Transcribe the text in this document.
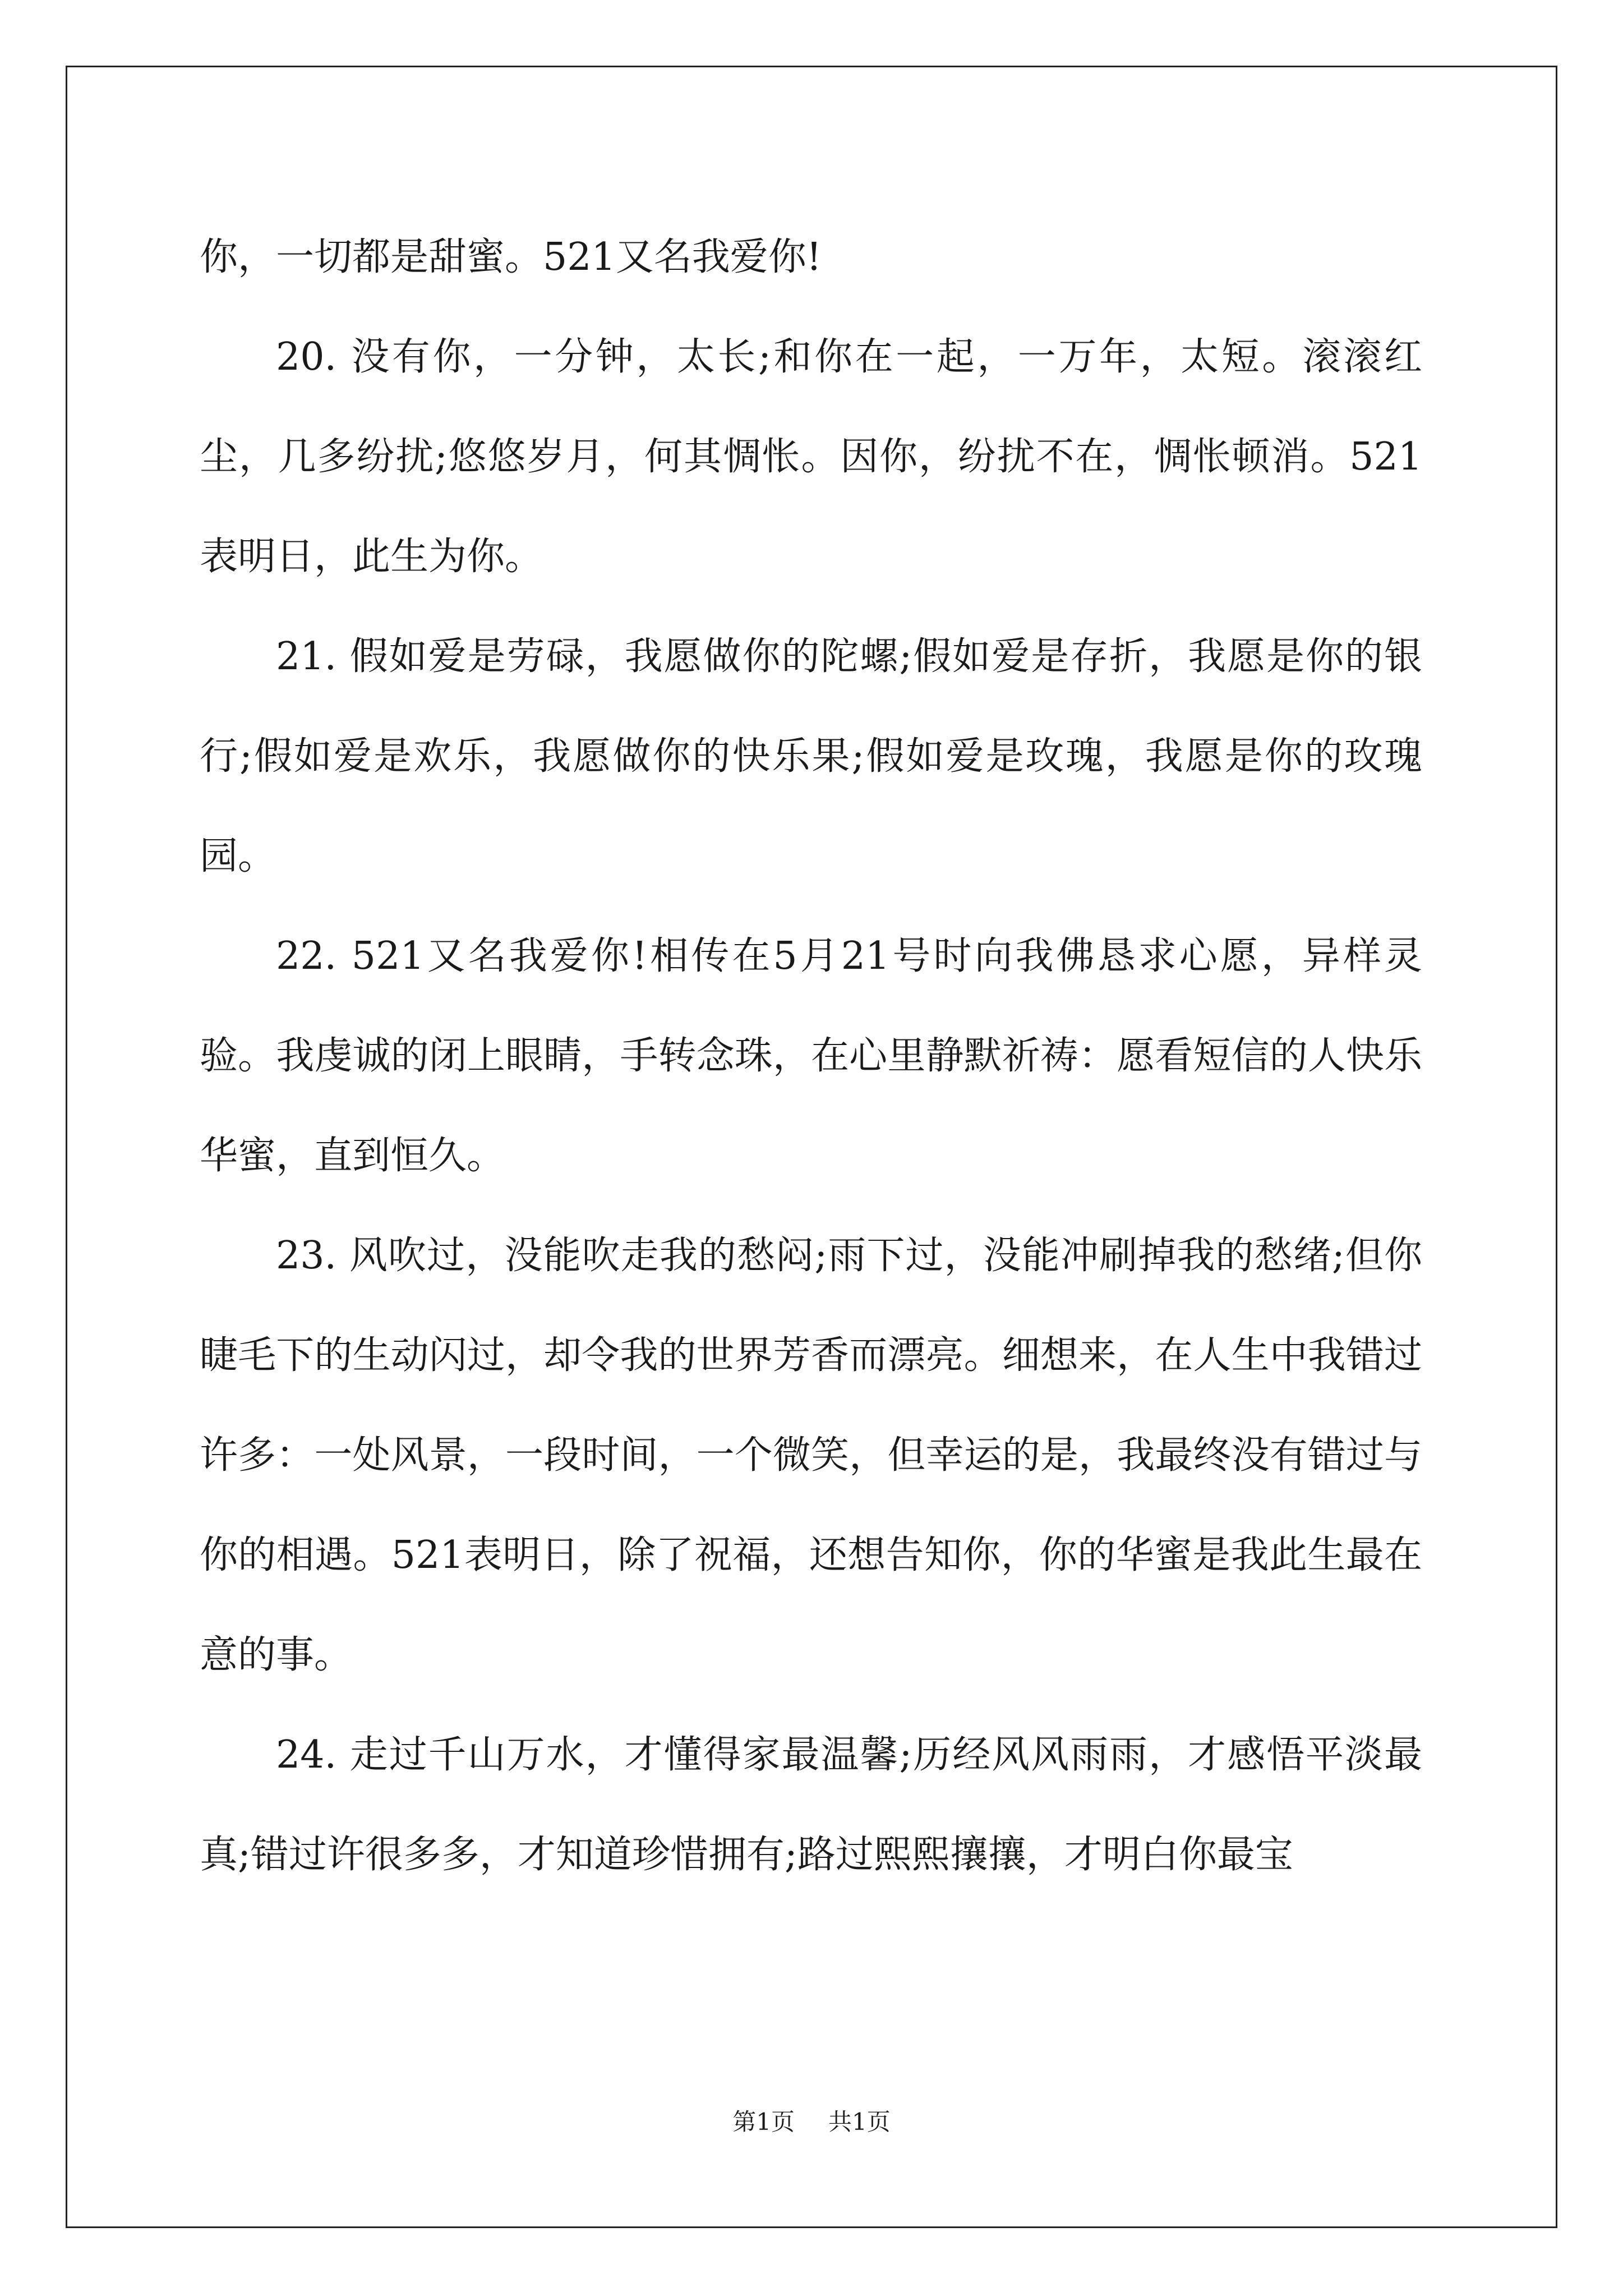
你，一切都是甜蜜。521又名我爱你!

20. 没有你，一分钟，太长;和你在一起，一万年，太短。滚滚红尘，几多纷扰;悠悠岁月，何其惆怅。因你，纷扰不在，惆怅顿消。521表明日，此生为你。

21. 假如爱是劳碌，我愿做你的陀螺;假如爱是存折，我愿是你的银行;假如爱是欢乐，我愿做你的快乐果;假如爱是玫瑰，我愿是你的玫瑰园。

22. 521又名我爱你!相传在5月21号时向我佛恳求心愿，异样灵验。我虔诚的闭上眼睛，手转念珠，在心里静默祈祷：愿看短信的人快乐华蜜，直到恒久。

23. 风吹过，没能吹走我的愁闷;雨下过，没能冲刷掉我的愁绪;但你睫毛下的生动闪过，却令我的世界芳香而漂亮。细想来，在人生中我错过许多：一处风景，一段时间，一个微笑，但幸运的是，我最终没有错过与你的相遇。521表明日，除了祝福，还想告知你，你的华蜜是我此生最在意的事。

24. 走过千山万水，才懂得家最温馨;历经风风雨雨，才感悟平淡最真;错过许很多多，才知道珍惜拥有;路过熙熙攘攘，才明白你最宝

第1页 共1页
